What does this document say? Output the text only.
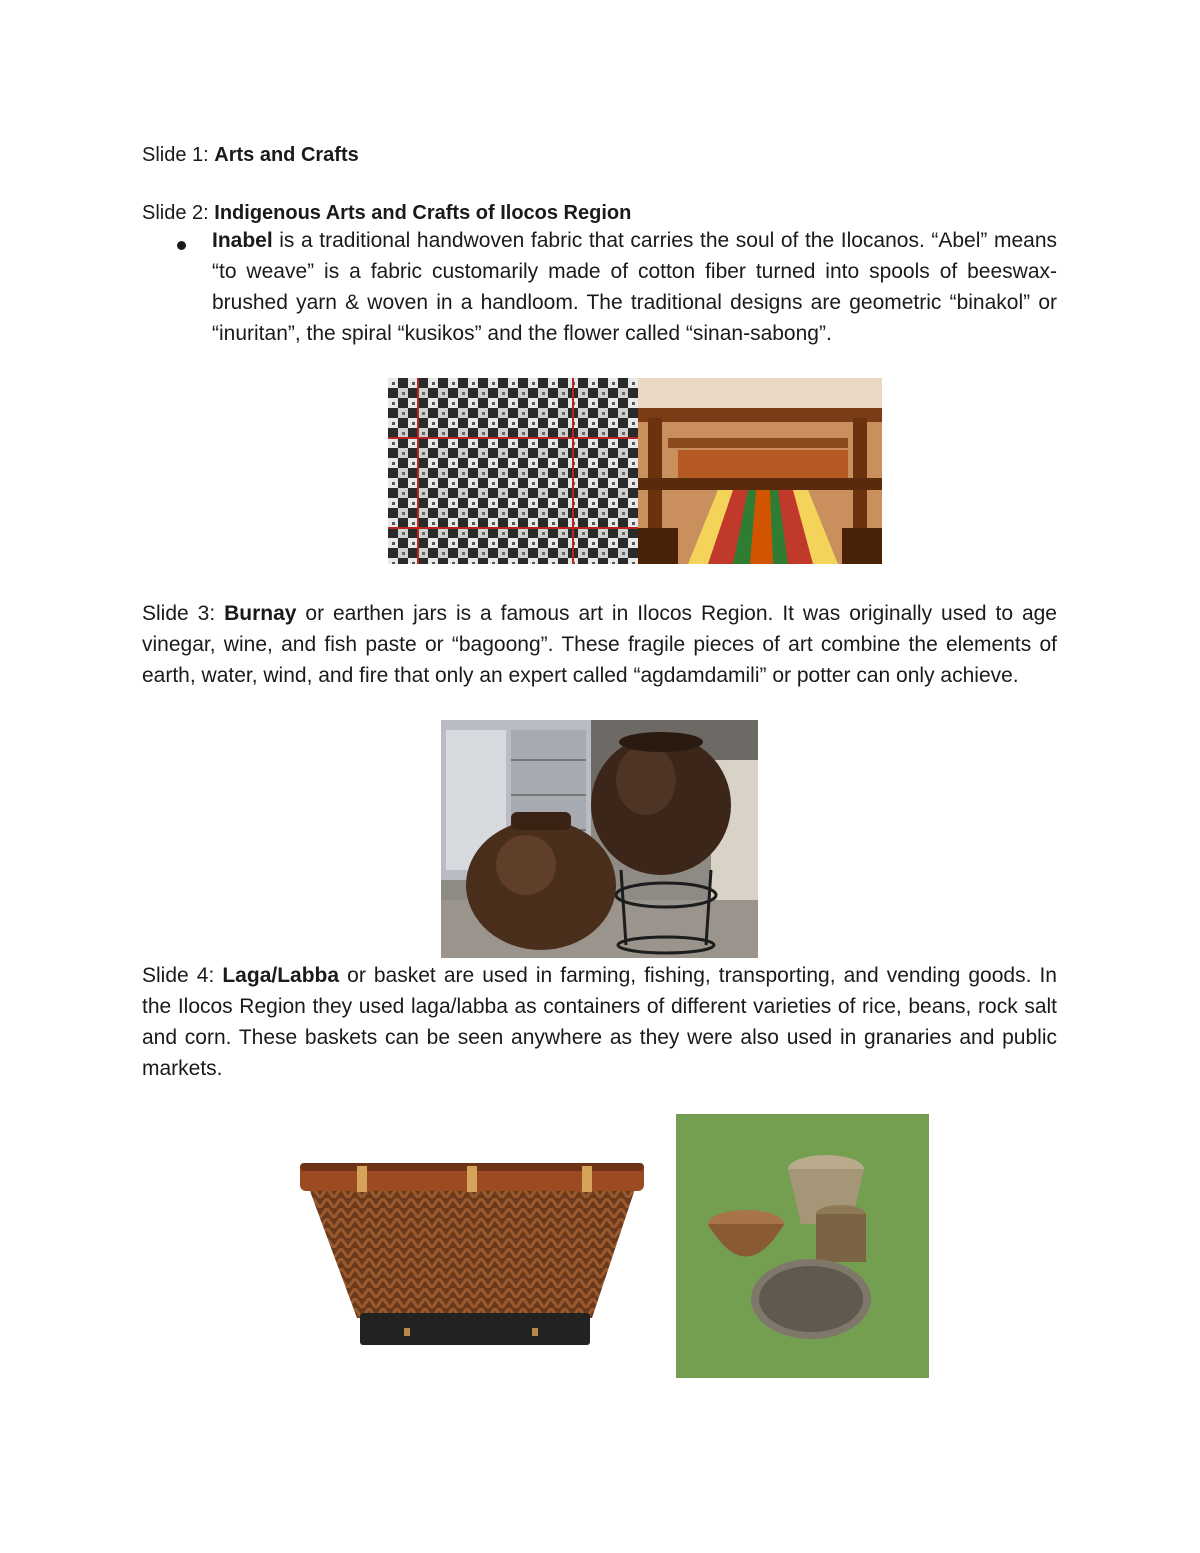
Slide 1: Arts and Crafts
Slide 2: Indigenous Arts and Crafts of Ilocos Region
Inabel is a traditional handwoven fabric that carries the soul of the Ilocanos. “Abel” means “to weave” is a fabric customarily made of cotton fiber turned into spools of beeswax-brushed yarn & woven in a handloom. The traditional designs are geometric “binakol” or “inuritan”, the spiral “kusikos” and the flower called “sinan-sabong”.
Slide 3: Burnay or earthen jars is a famous art in Ilocos Region. It was originally used to age vinegar, wine, and fish paste or “bagoong”. These fragile pieces of art combine the elements of earth, water, wind, and fire that only an expert called “agdamdamili” or potter can only achieve.
Slide 4: Laga/Labba or basket are used in farming, fishing, transporting, and vending goods. In the Ilocos Region they used laga/labba as containers of different varieties of rice, beans, rock salt and corn. These baskets can be seen anywhere as they were also used in granaries and public markets.
